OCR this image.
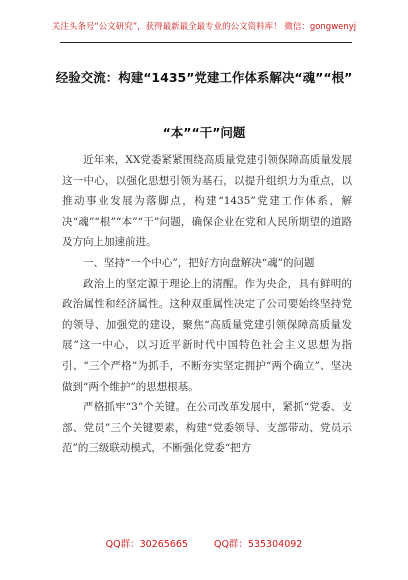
关注头条号“公文研究”，获得最新最全最专业的公文资料库！ 微信：gongwenyj
经验交流：构建“1435”党建工作体系解决“魂”“根”
“本”“干”问题

近年来，XX党委紧紧围绕高质量党建引领保障高质量发展这一中心，以强化思想引领为基石，以提升组织力为重点，以推动事业发展为落脚点，构建“1435”党建工作体系，解决“魂”“根”“本”“干”问题，确保企业在党和人民所期望的道路及方向上加速前进。

一、坚持“一个中心”，把好方向盘解决“魂”的问题

政治上的坚定源于理论上的清醒。作为央企，具有鲜明的政治属性和经济属性。这种双重属性决定了公司要始终坚持党的领导、加强党的建设，聚焦“高质量党建引领保障高质量发展”这一中心，以习近平新时代中国特色社会主义思想为指引、“三个严格”为抓手，不断夯实坚定拥护“两个确立”、坚决做到“两个维护”的思想根基。

严格抓牢“3”个关键。在公司改革发展中，紧抓“党委、支部、党员”三个关键要素，构建“党委领导、支部带动、党员示范”的三级联动模式，不断强化党委“把方

QQ群：30265665	QQ群：535304092
